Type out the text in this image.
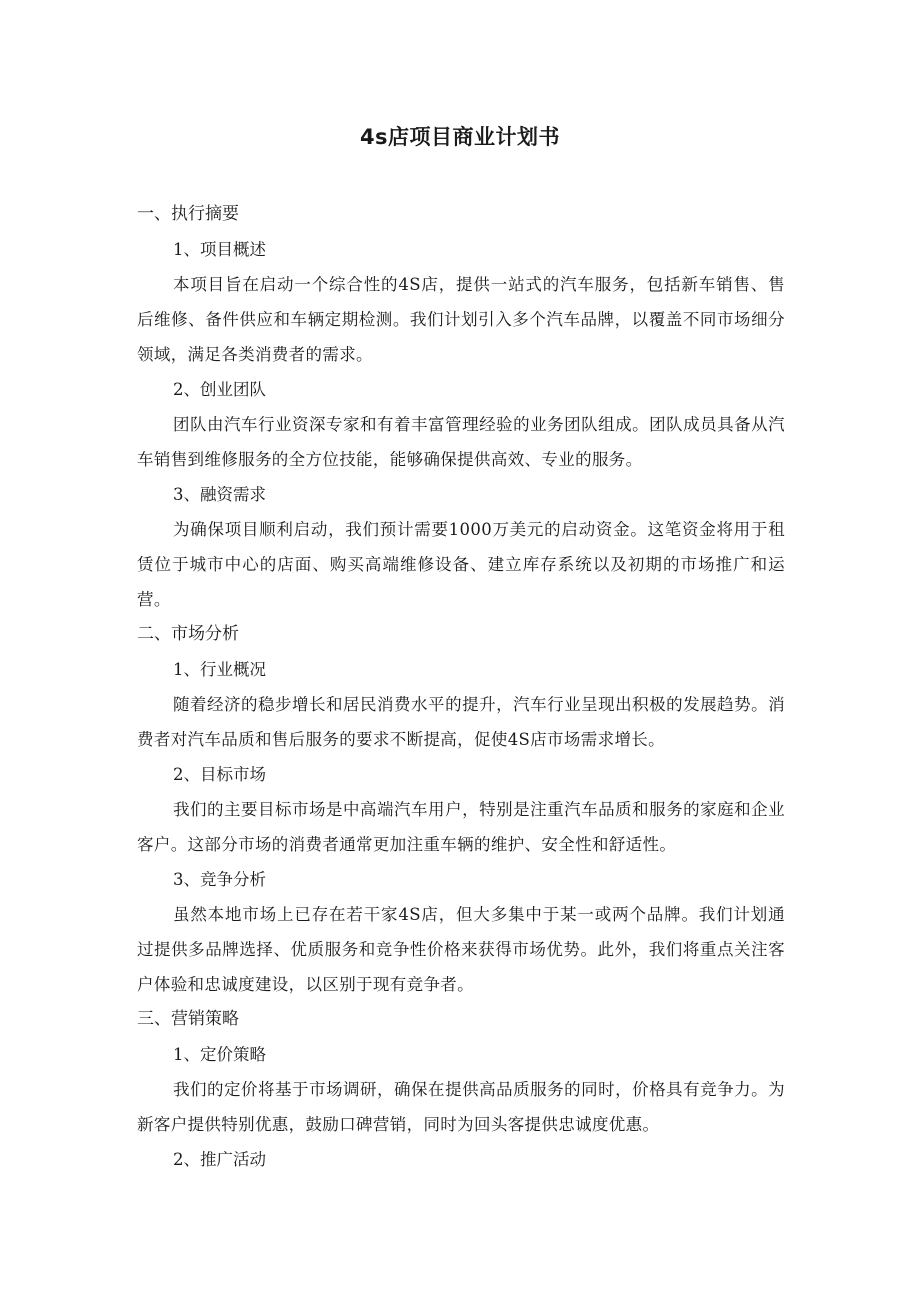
4s店项目商业计划书
一、执行摘要
1、项目概述

本项目旨在启动一个综合性的4S店，提供一站式的汽车服务，包括新车销售、售后维修、备件供应和车辆定期检测。我们计划引入多个汽车品牌，以覆盖不同市场细分领域，满足各类消费者的需求。

2、创业团队

团队由汽车行业资深专家和有着丰富管理经验的业务团队组成。团队成员具备从汽车销售到维修服务的全方位技能，能够确保提供高效、专业的服务。

3、融资需求

为确保项目顺利启动，我们预计需要1000万美元的启动资金。这笔资金将用于租赁位于城市中心的店面、购买高端维修设备、建立库存系统以及初期的市场推广和运营。

二、市场分析
1、行业概况

随着经济的稳步增长和居民消费水平的提升，汽车行业呈现出积极的发展趋势。消费者对汽车品质和售后服务的要求不断提高，促使4S店市场需求增长。

2、目标市场

我们的主要目标市场是中高端汽车用户，特别是注重汽车品质和服务的家庭和企业客户。这部分市场的消费者通常更加注重车辆的维护、安全性和舒适性。

3、竞争分析

虽然本地市场上已存在若干家4S店，但大多集中于某一或两个品牌。我们计划通过提供多品牌选择、优质服务和竞争性价格来获得市场优势。此外，我们将重点关注客户体验和忠诚度建设，以区别于现有竞争者。

三、营销策略
1、定价策略

我们的定价将基于市场调研，确保在提供高品质服务的同时，价格具有竞争力。为新客户提供特别优惠，鼓励口碑营销，同时为回头客提供忠诚度优惠。

2、推广活动
